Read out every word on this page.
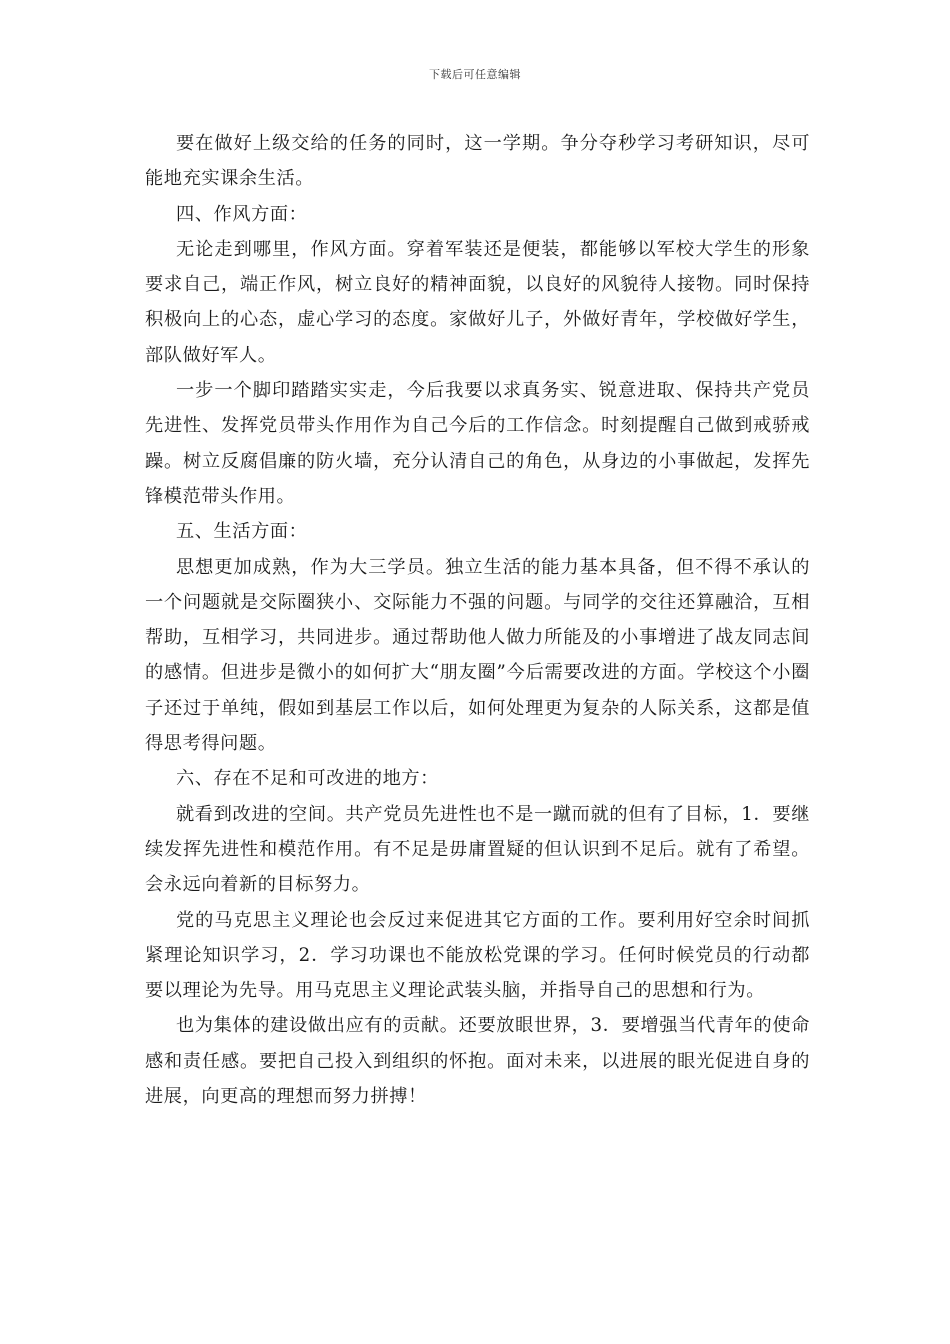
下载后可任意编辑

要在做好上级交给的任务的同时，这一学期。争分夺秒学习考研知识，尽可能地充实课余生活。

四、作风方面：

无论走到哪里，作风方面。穿着军装还是便装，都能够以军校大学生的形象要求自己，端正作风，树立良好的精神面貌，以良好的风貌待人接物。同时保持积极向上的心态，虚心学习的态度。家做好儿子，外做好青年，学校做好学生，部队做好军人。

一步一个脚印踏踏实实走，今后我要以求真务实、锐意进取、保持共产党员先进性、发挥党员带头作用作为自己今后的工作信念。时刻提醒自己做到戒骄戒躁。树立反腐倡廉的防火墙，充分认清自己的角色，从身边的小事做起，发挥先锋模范带头作用。

五、生活方面：

思想更加成熟，作为大三学员。独立生活的能力基本具备，但不得不承认的一个问题就是交际圈狭小、交际能力不强的问题。与同学的交往还算融洽，互相帮助，互相学习，共同进步。通过帮助他人做力所能及的小事增进了战友同志间的感情。但进步是微小的如何扩大“朋友圈”今后需要改进的方面。学校这个小圈子还过于单纯，假如到基层工作以后，如何处理更为复杂的人际关系，这都是值得思考得问题。

六、存在不足和可改进的地方：

就看到改进的空间。共产党员先进性也不是一蹴而就的但有了目标，1．要继续发挥先进性和模范作用。有不足是毋庸置疑的但认识到不足后。就有了希望。会永远向着新的目标努力。

党的马克思主义理论也会反过来促进其它方面的工作。要利用好空余时间抓紧理论知识学习，2．学习功课也不能放松党课的学习。任何时候党员的行动都要以理论为先导。用马克思主义理论武装头脑，并指导自己的思想和行为。

也为集体的建设做出应有的贡献。还要放眼世界，3．要增强当代青年的使命感和责任感。要把自己投入到组织的怀抱。面对未来，以进展的眼光促进自身的进展，向更高的理想而努力拼搏！
